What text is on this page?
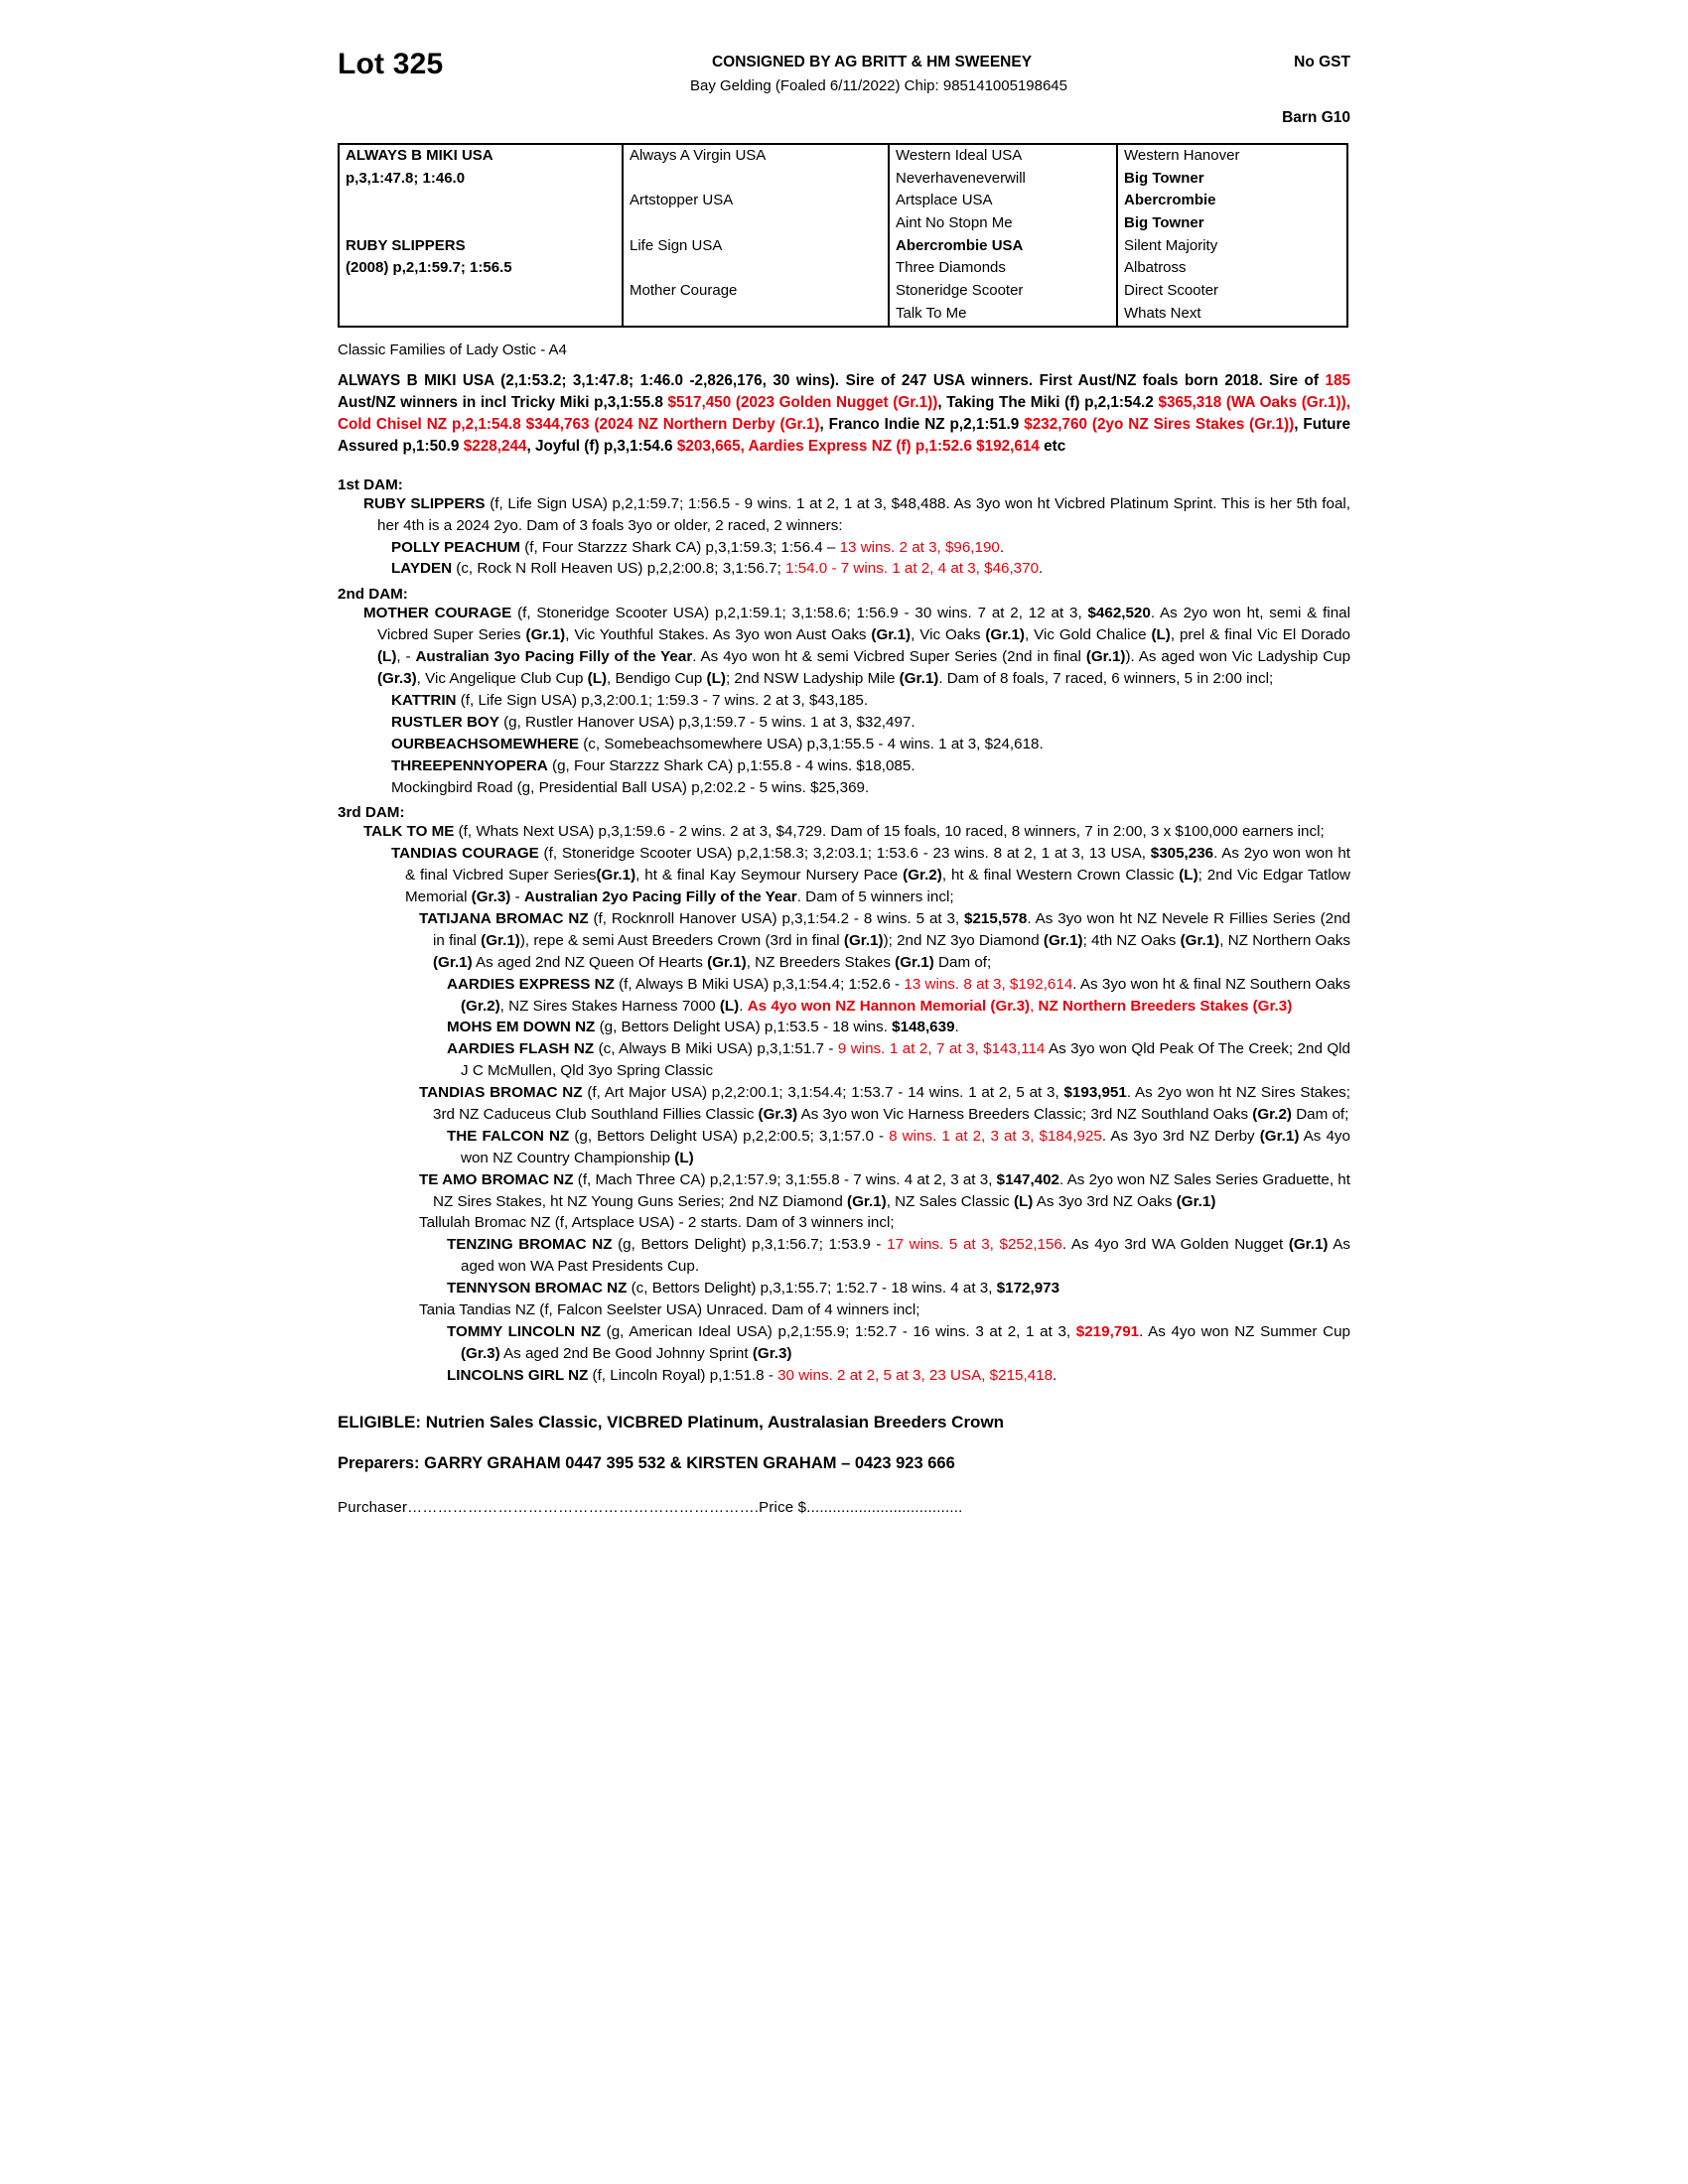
Lot 325	CONSIGNED BY AG BRITT & HM SWEENEY
Bay Gelding (Foaled 6/11/2022) Chip: 985141005198645
No GST
Barn G10
ALWAYS B MIKI USA	Always A Virgin USA	Western Ideal USA	Western Hanover

p,3,1:47.8; 1:46.0		Neverhaveneverwill	Big Towner
	Artstopper USA	Artsplace USA	Abercrombie
		Aint No Stopn Me	Big Towner

RUBY SLIPPERS	Life Sign USA	Abercrombie USA	Silent Majority

(2008) p,2,1:59.7; 1:56.5		Three Diamonds	Albatross
	Mother Courage	Stoneridge Scooter	Direct Scooter
		Talk To Me	Whats Next
Classic Families of Lady Ostic - A4
ALWAYS B MIKI USA (2,1:53.2; 3,1:47.8; 1:46.0 -2,826,176, 30 wins). Sire of 247 USA winners. First Aust/NZ foals born 2018. Sire of 185 Aust/NZ winners in incl Tricky Miki p,3,1:55.8 $517,450 (2023 Golden Nugget (Gr.1)), Taking The Miki (f) p,2,1:54.2 $365,318 (WA Oaks (Gr.1)), Cold Chisel NZ p,2,1:54.8 $344,763 (2024 NZ Northern Derby (Gr.1), Franco Indie NZ p,2,1:51.9 $232,760 (2yo NZ Sires Stakes (Gr.1)), Future Assured p,1:50.9 $228,244, Joyful (f) p,3,1:54.6 $203,665, Aardies Express NZ (f) p,1:52.6 $192,614 etc
1st DAM:
RUBY SLIPPERS (f, Life Sign USA) p,2,1:59.7; 1:56.5 - 9 wins. 1 at 2, 1 at 3, $48,488. As 3yo won ht Vicbred Platinum Sprint. This is her 5th foal, her 4th is a 2024 2yo. Dam of 3 foals 3yo or older, 2 raced, 2 winners:
POLLY PEACHUM (f, Four Starzzz Shark CA) p,3,1:59.3; 1:56.4 – 13 wins. 2 at 3, $96,190.
LAYDEN (c, Rock N Roll Heaven US) p,2,2:00.8; 3,1:56.7; 1:54.0 - 7 wins. 1 at 2, 4 at 3, $46,370.
2nd DAM:
MOTHER COURAGE (f, Stoneridge Scooter USA) p,2,1:59.1; 3,1:58.6; 1:56.9 - 30 wins. 7 at 2, 12 at 3, $462,520. As 2yo won ht, semi & final Vicbred Super Series (Gr.1), Vic Youthful Stakes. As 3yo won Aust Oaks (Gr.1), Vic Oaks (Gr.1), Vic Gold Chalice (L), prel & final Vic El Dorado (L), - Australian 3yo Pacing Filly of the Year. As 4yo won ht & semi Vicbred Super Series (2nd in final (Gr.1)). As aged won Vic Ladyship Cup (Gr.3), Vic Angelique Club Cup (L), Bendigo Cup (L); 2nd NSW Ladyship Mile (Gr.1). Dam of 8 foals, 7 raced, 6 winners, 5 in 2:00 incl;
KATTRIN (f, Life Sign USA) p,3,2:00.1; 1:59.3 - 7 wins. 2 at 3, $43,185.
RUSTLER BOY (g, Rustler Hanover USA) p,3,1:59.7 - 5 wins. 1 at 3, $32,497.
OURBEACHSOMEWHERE (c, Somebeachsomewhere USA) p,3,1:55.5 - 4 wins. 1 at 3, $24,618.
THREEPENNYOPERA (g, Four Starzzz Shark CA) p,1:55.8 - 4 wins. $18,085.
Mockingbird Road (g, Presidential Ball USA) p,2:02.2 - 5 wins. $25,369.
3rd DAM:
TALK TO ME (f, Whats Next USA) p,3,1:59.6 - 2 wins. 2 at 3, $4,729. Dam of 15 foals, 10 raced, 8 winners, 7 in 2:00, 3 x $100,000 earners incl;
TANDIAS COURAGE (f, Stoneridge Scooter USA) p,2,1:58.3; 3,2:03.1; 1:53.6 - 23 wins. 8 at 2, 1 at 3, 13 USA, $305,236. As 2yo won won ht & final Vicbred Super Series(Gr.1), ht & final Kay Seymour Nursery Pace (Gr.2), ht & final Western Crown Classic (L); 2nd Vic Edgar Tatlow Memorial (Gr.3) - Australian 2yo Pacing Filly of the Year. Dam of 5 winners incl;
TATIJANA BROMAC NZ (f, Rocknroll Hanover USA) p,3,1:54.2 - 8 wins. 5 at 3, $215,578. As 3yo won ht NZ Nevele R Fillies Series (2nd in final (Gr.1)), repe & semi Aust Breeders Crown (3rd in final (Gr.1)); 2nd NZ 3yo Diamond (Gr.1); 4th NZ Oaks (Gr.1), NZ Northern Oaks (Gr.1) As aged 2nd NZ Queen Of Hearts (Gr.1), NZ Breeders Stakes (Gr.1) Dam of;
AARDIES EXPRESS NZ (f, Always B Miki USA) p,3,1:54.4; 1:52.6 - 13 wins. 8 at 3, $192,614. As 3yo won ht & final NZ Southern Oaks (Gr.2), NZ Sires Stakes Harness 7000 (L). As 4yo won NZ Hannon Memorial (Gr.3), NZ Northern Breeders Stakes (Gr.3)
MOHS EM DOWN NZ (g, Bettors Delight USA) p,1:53.5 - 18 wins. $148,639.
AARDIES FLASH NZ (c, Always B Miki USA) p,3,1:51.7 - 9 wins. 1 at 2, 7 at 3, $143,114 As 3yo won Qld Peak Of The Creek; 2nd Qld J C McMullen, Qld 3yo Spring Classic
TANDIAS BROMAC NZ (f, Art Major USA) p,2,2:00.1; 3,1:54.4; 1:53.7 - 14 wins. 1 at 2, 5 at 3, $193,951. As 2yo won ht NZ Sires Stakes; 3rd NZ Caduceus Club Southland Fillies Classic (Gr.3) As 3yo won Vic Harness Breeders Classic; 3rd NZ Southland Oaks (Gr.2) Dam of;
THE FALCON NZ (g, Bettors Delight USA) p,2,2:00.5; 3,1:57.0 - 8 wins. 1 at 2, 3 at 3, $184,925. As 3yo 3rd NZ Derby (Gr.1) As 4yo won NZ Country Championship (L)
TE AMO BROMAC NZ (f, Mach Three CA) p,2,1:57.9; 3,1:55.8 - 7 wins. 4 at 2, 3 at 3, $147,402. As 2yo won NZ Sales Series Graduette, ht NZ Sires Stakes, ht NZ Young Guns Series; 2nd NZ Diamond (Gr.1), NZ Sales Classic (L) As 3yo 3rd NZ Oaks (Gr.1)
Tallulah Bromac NZ (f, Artsplace USA) - 2 starts. Dam of 3 winners incl;
TENZING BROMAC NZ (g, Bettors Delight) p,3,1:56.7; 1:53.9 - 17 wins. 5 at 3, $252,156. As 4yo 3rd WA Golden Nugget (Gr.1) As aged won WA Past Presidents Cup.
TENNYSON BROMAC NZ (c, Bettors Delight) p,3,1:55.7; 1:52.7 - 18 wins. 4 at 3, $172,973
Tania Tandias NZ (f, Falcon Seelster USA) Unraced. Dam of 4 winners incl;
TOMMY LINCOLN NZ (g, American Ideal USA) p,2,1:55.9; 1:52.7 - 16 wins. 3 at 2, 1 at 3, $219,791. As 4yo won NZ Summer Cup (Gr.3) As aged 2nd Be Good Johnny Sprint (Gr.3)
LINCOLNS GIRL NZ (f, Lincoln Royal) p,1:51.8 - 30 wins. 2 at 2, 5 at 3, 23 USA, $215,418.
ELIGIBLE: Nutrien Sales Classic, VICBRED Platinum, Australasian Breeders Crown
Preparers: GARRY GRAHAM 0447 395 532 & KIRSTEN GRAHAM – 0423 923 666
Purchaser…………………………………………………………….Price $....................................
